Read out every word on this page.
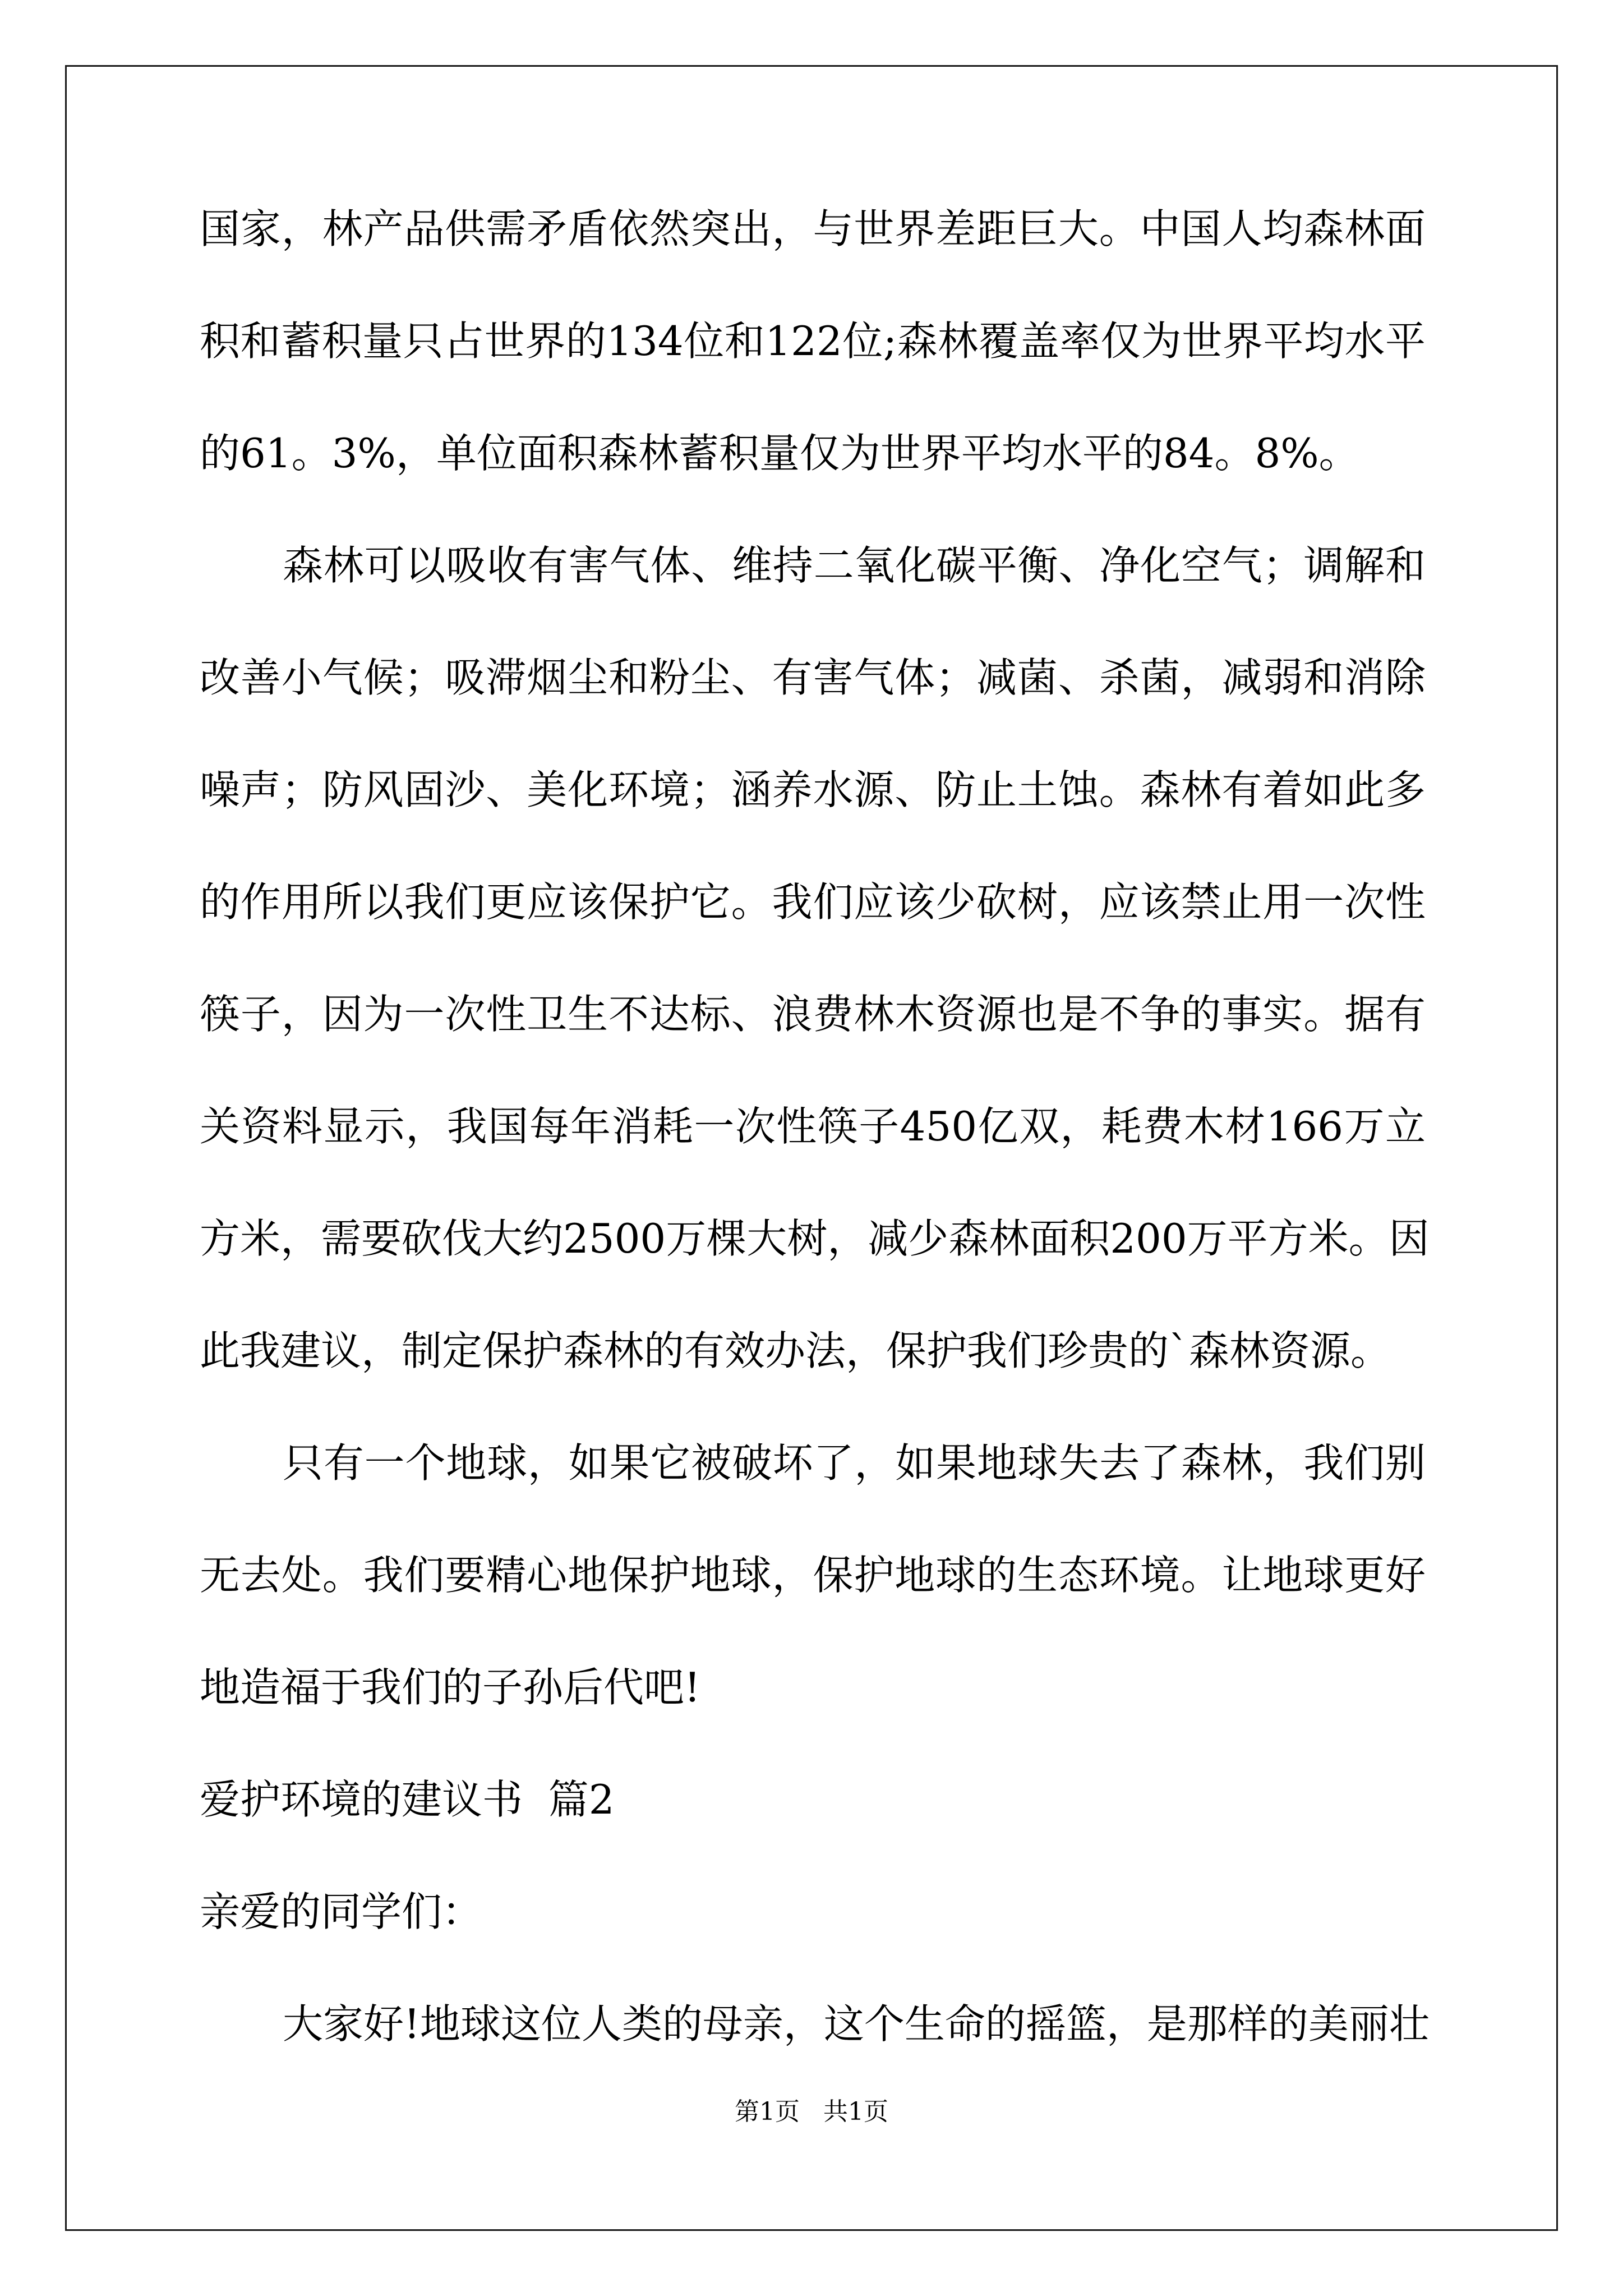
国家，林产品供需矛盾依然突出，与世界差距巨大。中国人均森林面
积和蓄积量只占世界的134位和122位;森林覆盖率仅为世界平均水平
的61。3%，单位面积森林蓄积量仅为世界平均水平的84。8%。
森林可以吸收有害气体、维持二氧化碳平衡、净化空气；调解和
改善小气候；吸滞烟尘和粉尘、有害气体；减菌、杀菌，减弱和消除
噪声；防风固沙、美化环境；涵养水源、防止土蚀。森林有着如此多
的作用所以我们更应该保护它。我们应该少砍树，应该禁止用一次性
筷子，因为一次性卫生不达标、浪费林木资源也是不争的事实。据有
关资料显示，我国每年消耗一次性筷子450亿双，耗费木材166万立
方米，需要砍伐大约2500万棵大树，减少森林面积200万平方米。因
此我建议，制定保护森林的有效办法，保护我们珍贵的`森林资源。
只有一个地球，如果它被破坏了，如果地球失去了森林，我们别
无去处。我们要精心地保护地球，保护地球的生态环境。让地球更好
地造福于我们的子孙后代吧!
爱护环境的建议书  篇2
亲爱的同学们：
大家好!地球这位人类的母亲，这个生命的摇篮，是那样的美丽壮
第1页   共1页
